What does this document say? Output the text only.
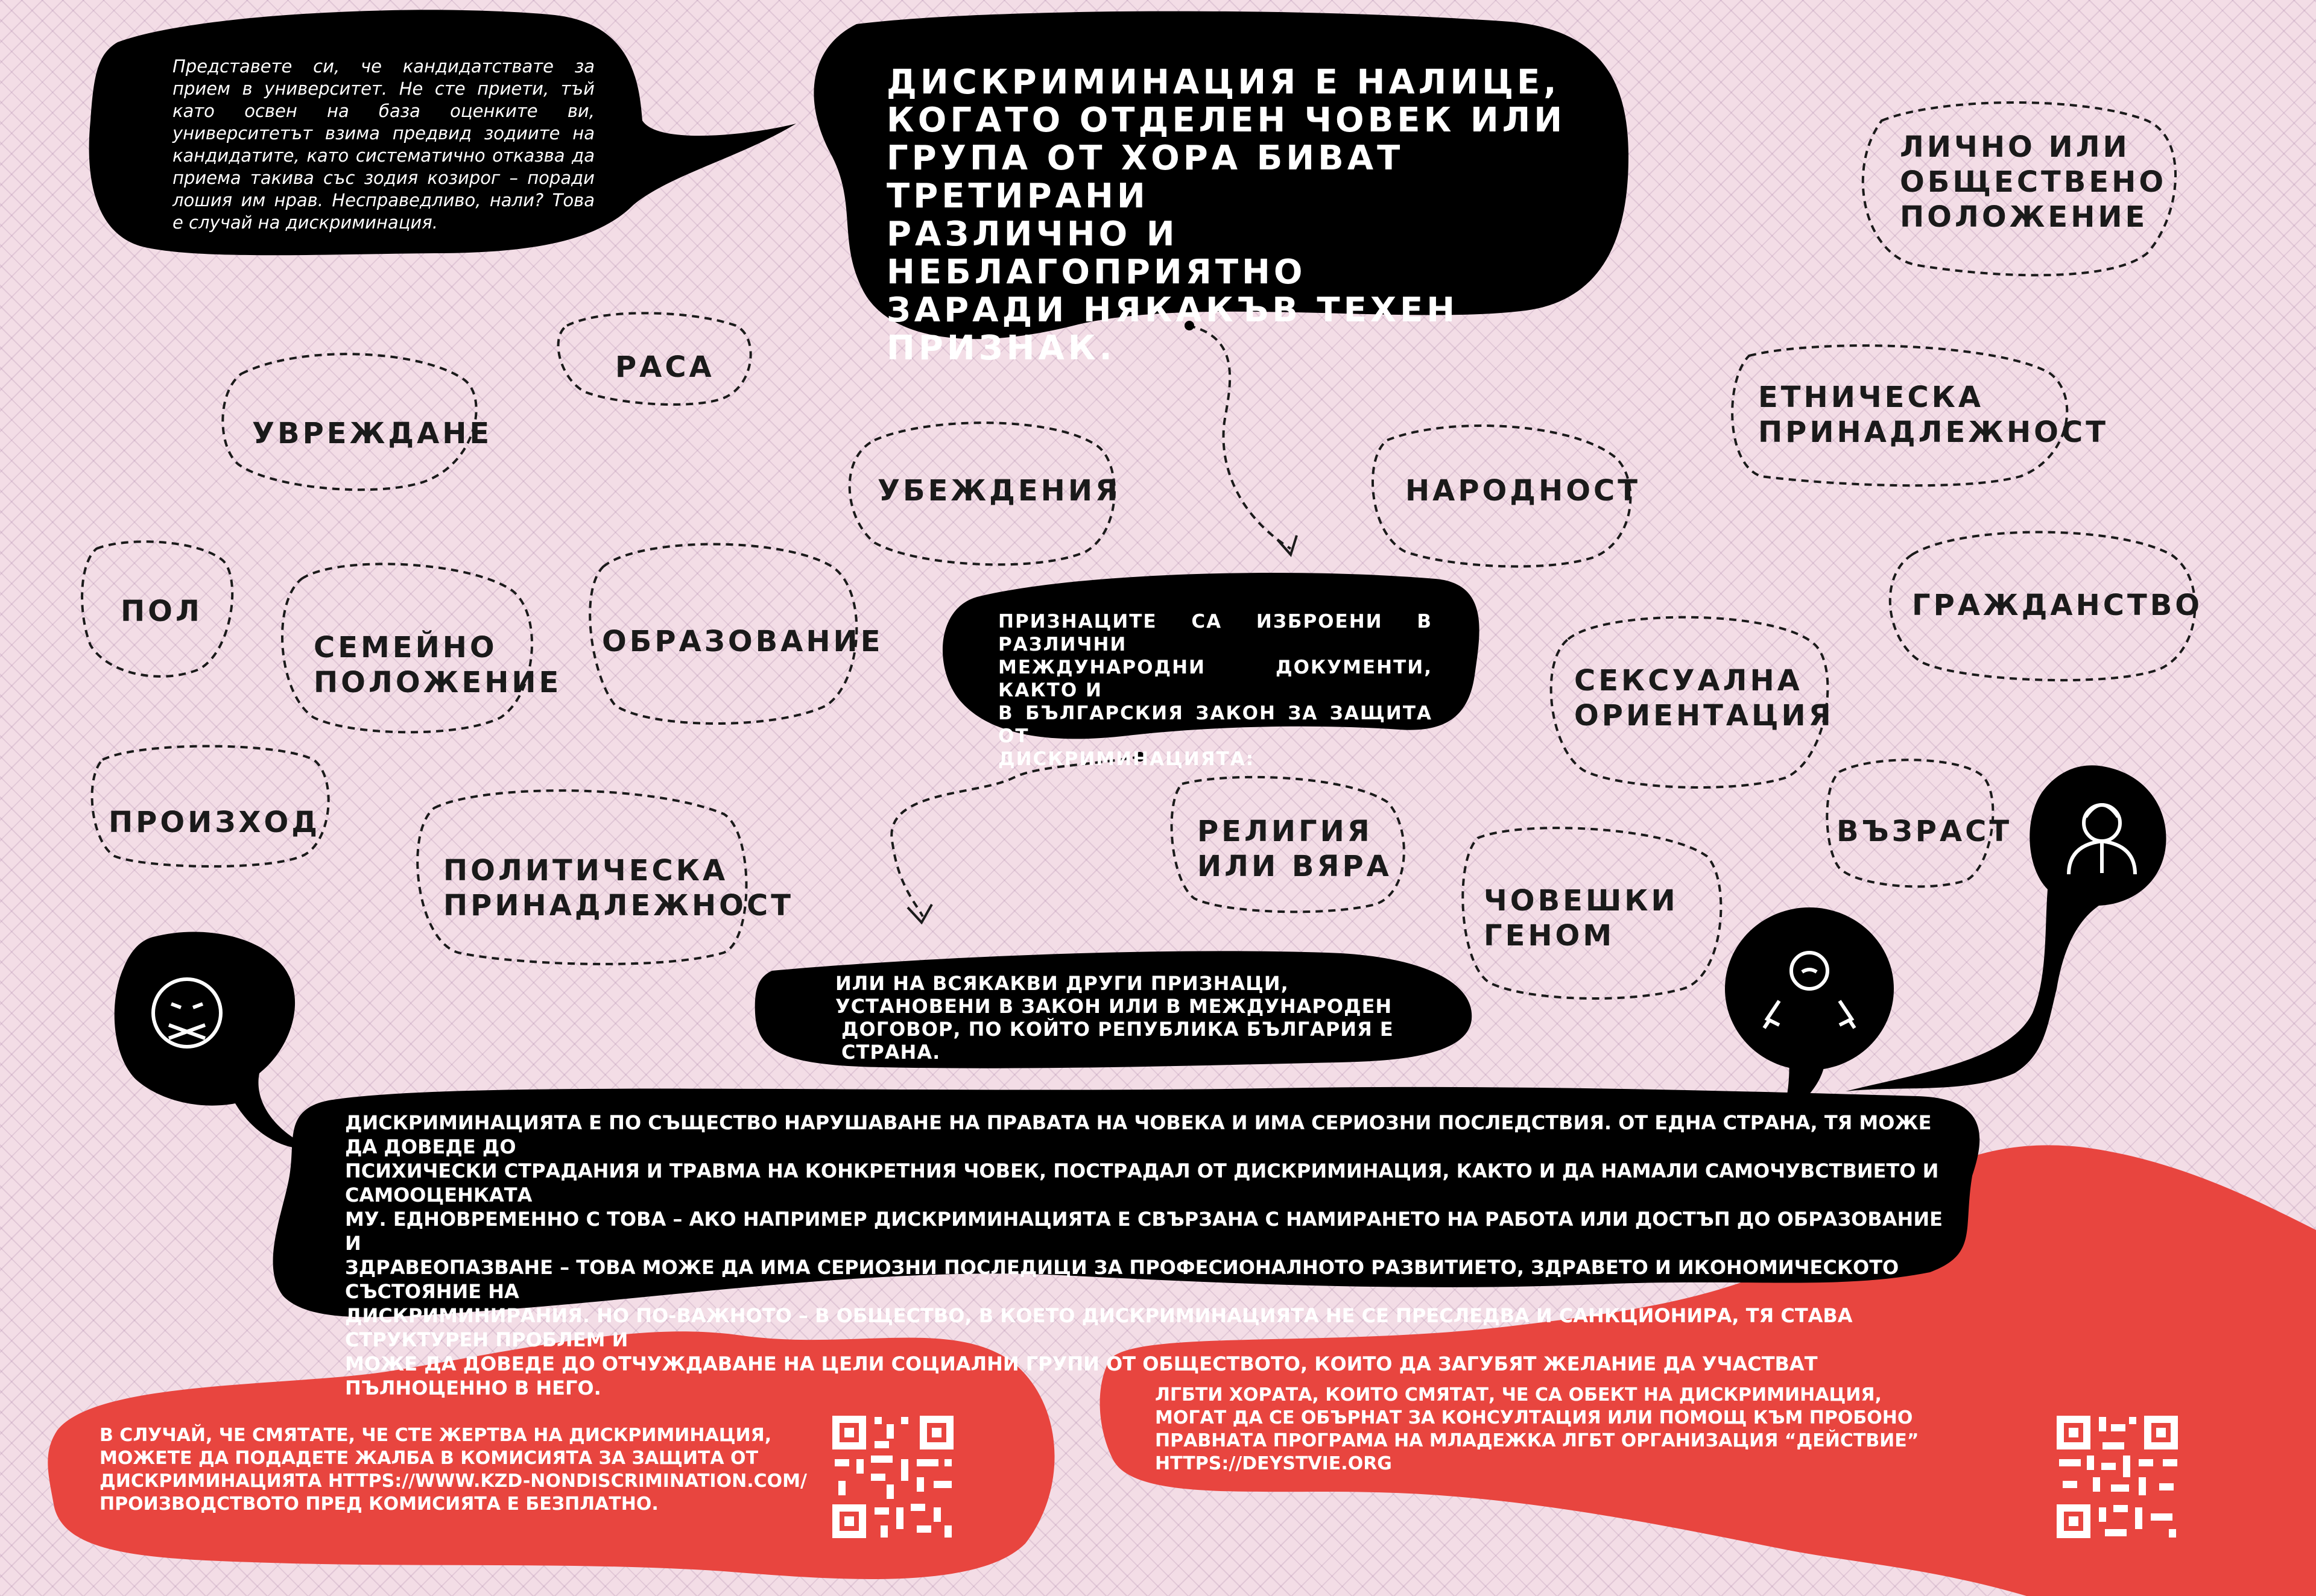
Представете си, че кандидатствате за прием в университет. Не сте приети, тъй като освен на база оценките ви, университетът взима предвид зодиите на кандидатите, като систематично отказва да приема такива със зодия козирог – поради лошия им нрав. Несправедливо, нали? Това е случай на дискриминация.
ДИСКРИМИНАЦИЯ Е НАЛИЦЕ,
КОГАТО ОТДЕЛЕН ЧОВЕК ИЛИ
ГРУПА ОТ ХОРА БИВАТ ТРЕТИРАНИ
РАЗЛИЧНО И НЕБЛАГОПРИЯТНО
ЗАРАДИ НЯКАКЪВ ТЕХЕН ПРИЗНАК.
ЛИЧНО ИЛИ
ОБЩЕСТВЕНО
ПОЛОЖЕНИЕ
РАСА
УВРЕЖДАНЕ
УБЕЖДЕНИЯ	НАРОДНОСТ
ЕТНИЧЕСКА
ПРИНАДЛЕЖНОСТ
ПОЛ
СЕМЕЙНО
ПОЛОЖЕНИЕ
ОБРАЗОВАНИЕ
ГРАЖДАНСТВО
СЕКСУАЛНА
ОРИЕНТАЦИЯ
ПРОИЗХОД
ПОЛИТИЧЕСКА
ПРИНАДЛЕЖНОСТ
РЕЛИГИЯ
ИЛИ ВЯРА
ВЪЗРАСТ
ЧОВЕШКИ
ГЕНОМ
ПРИЗНАЦИТЕ СА ИЗБРОЕНИ В РАЗЛИЧНИ
МЕЖДУНАРОДНИ ДОКУМЕНТИ, КАКТО И
В БЪЛГАРСКИЯ ЗАКОН ЗА ЗАЩИТА ОТ
ДИСКРИМИНАЦИЯТА:
ИЛИ НА ВСЯКАКВИ ДРУГИ ПРИЗНАЦИ,
УСТАНОВЕНИ В ЗАКОН ИЛИ В МЕЖДУНАРОДЕН
ДОГОВОР, ПО КОЙТО РЕПУБЛИКА БЪЛГАРИЯ Е СТРАНА.
ДИСКРИМИНАЦИЯТА Е ПО СЪЩЕСТВО НАРУШАВАНЕ НА ПРАВАТА НА ЧОВЕКА И ИМА СЕРИОЗНИ ПОСЛЕДСТВИЯ. ОТ ЕДНА СТРАНА, ТЯ МОЖЕ ДА ДОВЕДЕ ДО
ПСИХИЧЕСКИ СТРАДАНИЯ И ТРАВМА НА КОНКРЕТНИЯ ЧОВЕК, ПОСТРАДАЛ ОТ ДИСКРИМИНАЦИЯ, КАКТО И ДА НАМАЛИ САМОЧУВСТВИЕТО И САМООЦЕНКАТА
МУ. ЕДНОВРЕМЕННО С ТОВА – АКО НАПРИМЕР ДИСКРИМИНАЦИЯТА Е СВЪРЗАНА С НАМИРАНЕТО НА РАБОТА ИЛИ ДОСТЪП ДО ОБРАЗОВАНИЕ И
ЗДРАВЕОПАЗВАНЕ – ТОВА МОЖЕ ДА ИМА СЕРИОЗНИ ПОСЛЕДИЦИ ЗА ПРОФЕСИОНАЛНОТО РАЗВИТИЕТО, ЗДРАВЕТО И ИКОНОМИЧЕСКОТО СЪСТОЯНИЕ НА
ДИСКРИМИНИРАНИЯ. НО ПО-ВАЖНОТО – В ОБЩЕСТВО, В КОЕТО ДИСКРИМИНАЦИЯТА НЕ СЕ ПРЕСЛЕДВА И САНКЦИОНИРА, ТЯ СТАВА СТРУКТУРЕН ПРОБЛЕМ И
МОЖЕ ДА ДОВЕДЕ ДО ОТЧУЖДАВАНЕ НА ЦЕЛИ СОЦИАЛНИ ГРУПИ ОТ ОБЩЕСТВОТО, КОИТО ДА ЗАГУБЯТ ЖЕЛАНИЕ ДА УЧАСТВАТ ПЪЛНОЦЕННО В НЕГО.
В СЛУЧАЙ, ЧЕ СМЯТАТЕ, ЧЕ СТЕ ЖЕРТВА НА ДИСКРИМИНАЦИЯ,
МОЖЕТЕ ДА ПОДАДЕТЕ ЖАЛБА В КОМИСИЯТА ЗА ЗАЩИТА ОТ
ДИСКРИМИНАЦИЯТА HTTPS://WWW.KZD-NONDISCRIMINATION.COM/
ПРОИЗВОДСТВОТО ПРЕД КОМИСИЯТА Е БЕЗПЛАТНО.
ЛГБТИ ХОРАТА, КОИТО СМЯТАТ, ЧЕ СА ОБЕКТ НА ДИСКРИМИНАЦИЯ,
МОГАТ ДА СЕ ОБЪРНАТ ЗА КОНСУЛТАЦИЯ ИЛИ ПОМОЩ КЪМ ПРОБОНО
ПРАВНАТА ПРОГРАМА НА МЛАДЕЖКА ЛГБТ ОРГАНИЗАЦИЯ “ДЕЙСТВИЕ”
HTTPS://DEYSTVIE.ORG
